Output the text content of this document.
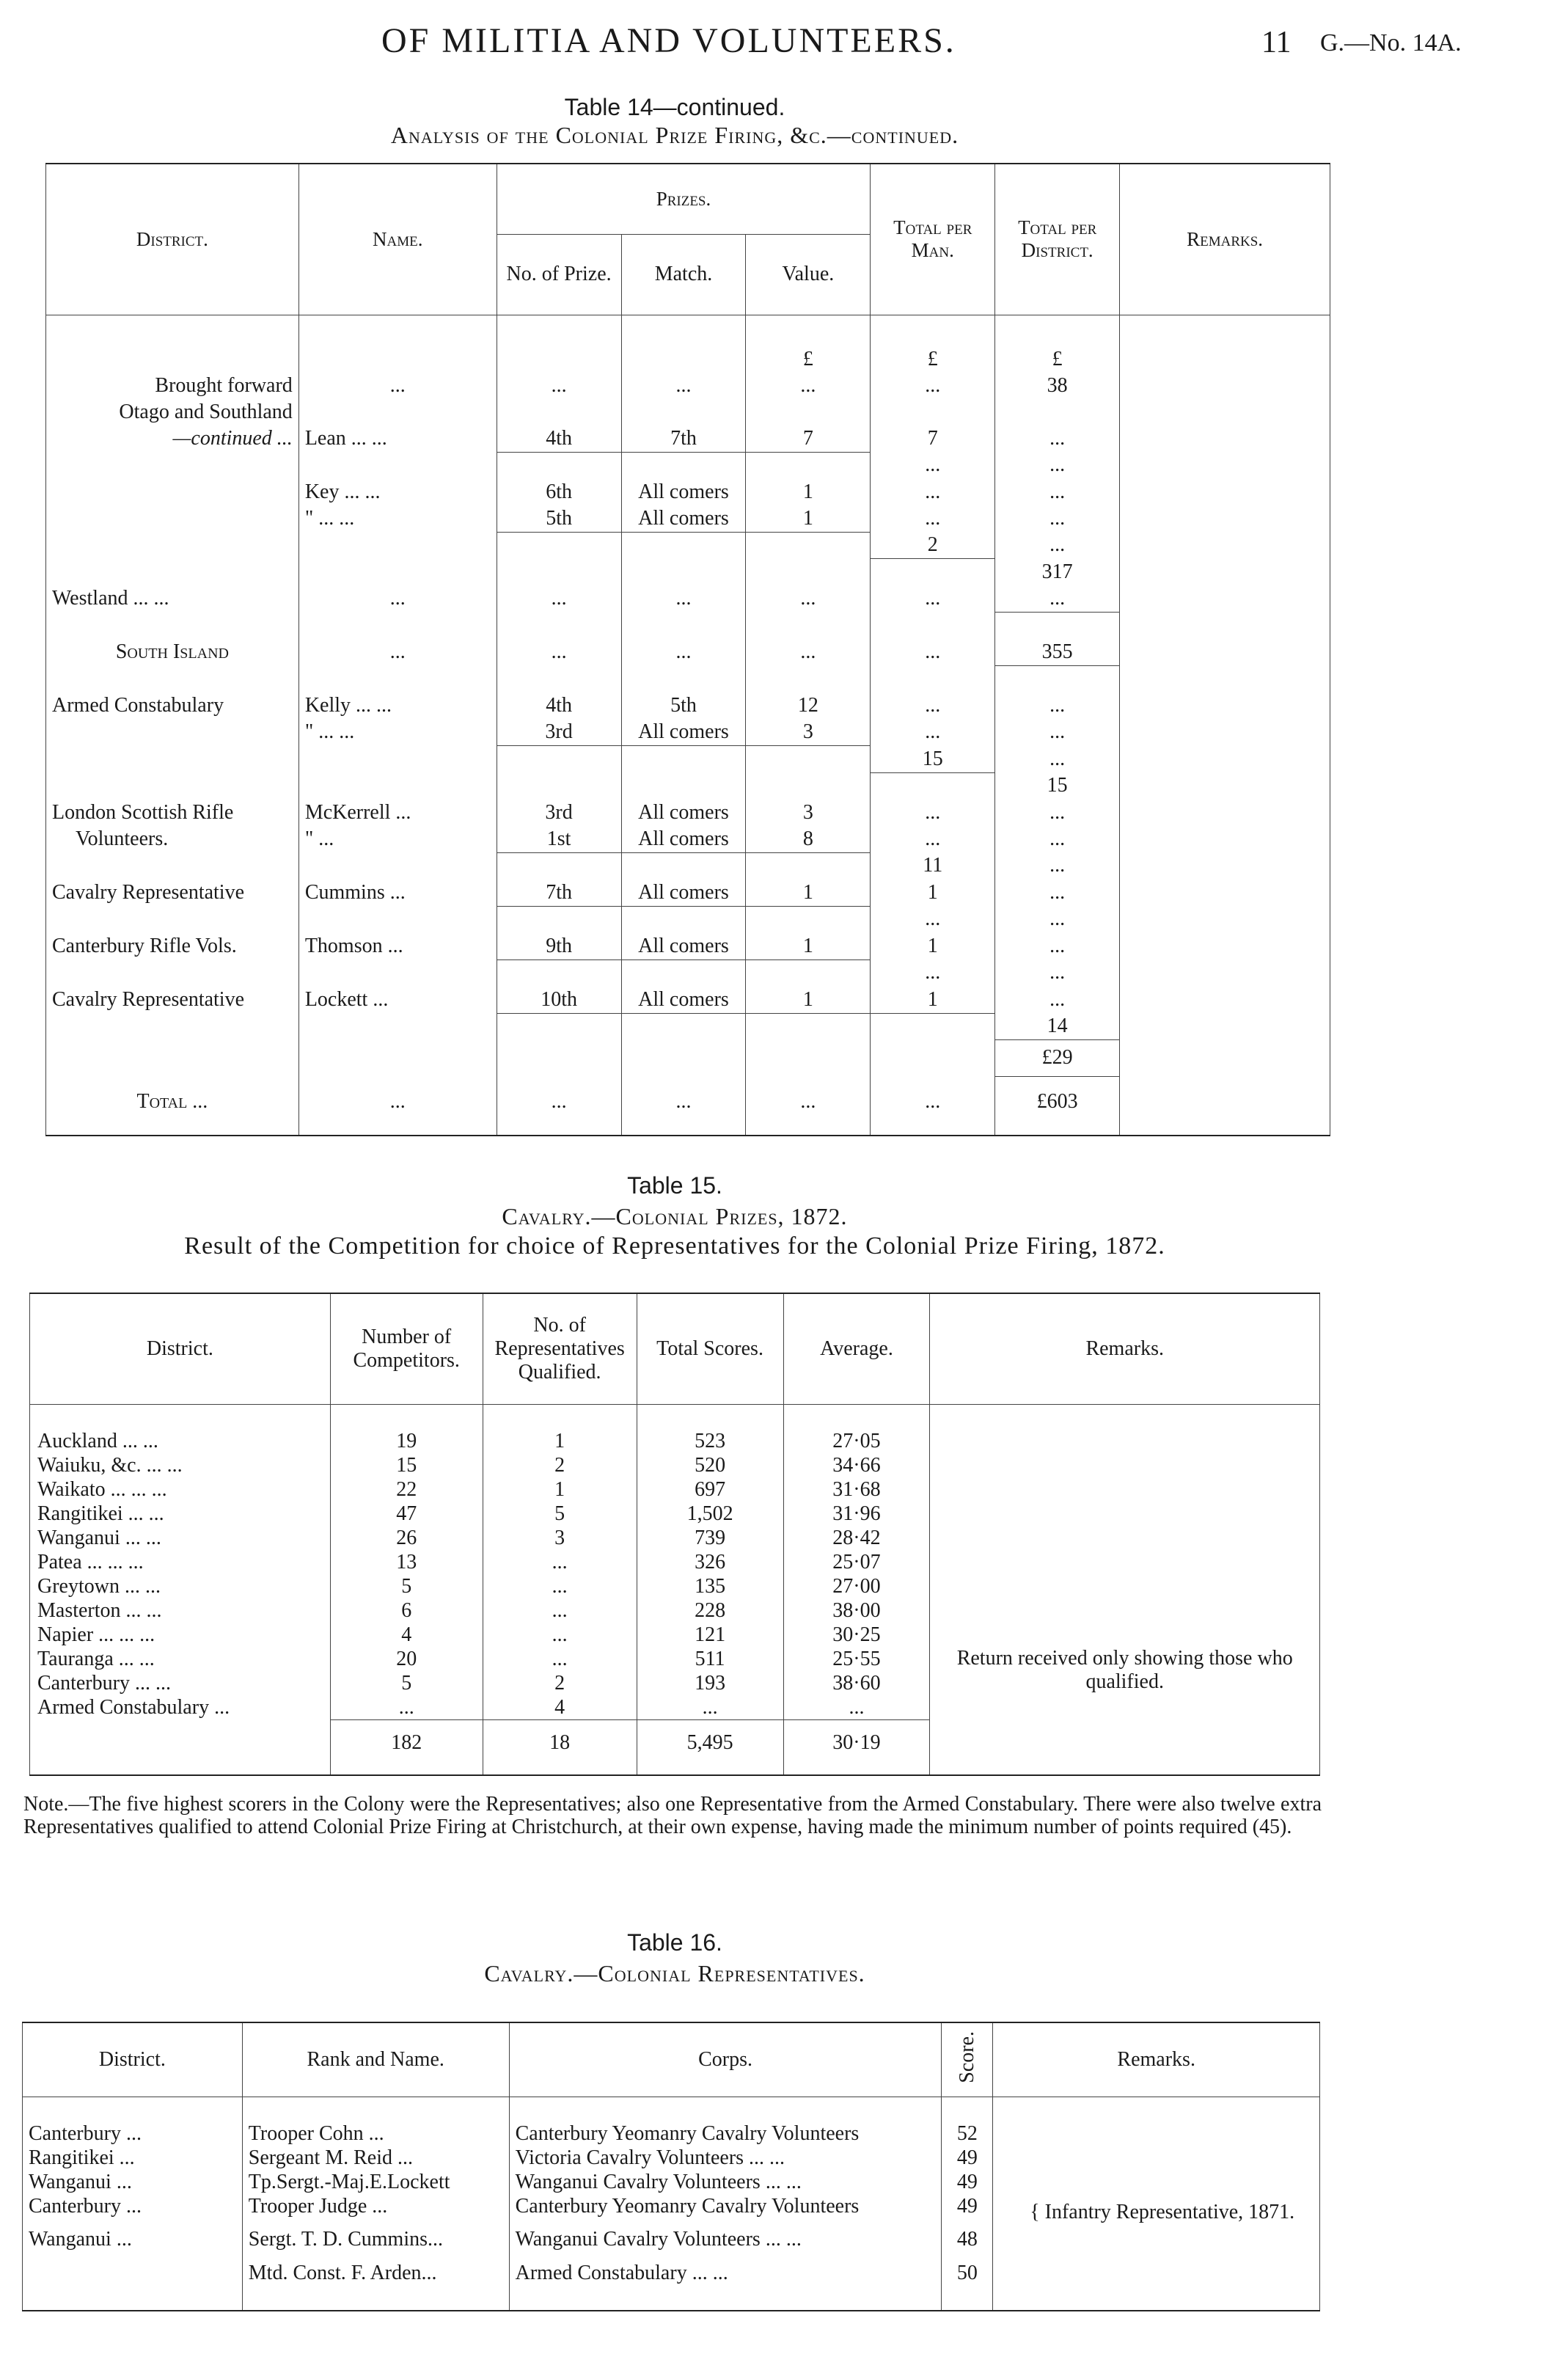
OF MILITIA AND VOLUNTEERS.	11 G.—No. 14A.
Table 14—continued.
Analysis of the Colonial Prize Firing, &c.—continued.
District.	Name.	Prizes.			Total per Man.	Total per District.	Remarks.
		No. of Prize.	Match.	Value.			

				£	£	£	
Brought forward	...	...	...	...	...	38	
Otago and Southland							
—continued ...	Lean ... ...	4th	7th	7	7	...	
					...	...	
	Key ... ...	6th	All comers	1	...	...	
	" ... ...	5th	All comers	1	...	...	
					2	...	
						317	
Westland ... ...	...	...	...	...	...	...	

South Island	...	...	...	...	...	355	

Armed Constabulary	Kelly ... ...	4th	5th	12	...	...	
	" ... ...	3rd	All comers	3	...	...	
					15	...	
						15	
London Scottish Rifle	McKerrell ...	3rd	All comers	3	...	...	
Volunteers.	" ...	1st	All comers	8	...	...	
					11	...	
Cavalry Representative	Cummins ...	7th	All comers	1	1	...	
					...	...	
Canterbury Rifle Vols.	Thomson ...	9th	All comers	1	1	...	
					...	...	
Cavalry Representative	Lockett ...	10th	All comers	1	1	...	
						14	
						£29	
Total ...	...	...	...	...	...	£603	
Table 15.
Cavalry.—Colonial Prizes, 1872.
Result of the Competition for choice of Representatives for the Colonial Prize Firing, 1872.
District.	Number of Competitors.	No. of Representatives Qualified.	Total Scores.	Average.	Remarks.
					Return received only showing those who qualified.
Auckland ... ...	19	1	523	27·05	
Waiuku, &c. ... ...	15	2	520	34·66	
Waikato ... ... ...	22	1	697	31·68	
Rangitikei ... ...	47	5	1,502	31·96	
Wanganui ... ...	26	3	739	28·42	
Patea ... ... ...	13	...	326	25·07	
Greytown ... ...	5	...	135	27·00	
Masterton ... ...	6	...	228	38·00	
Napier ... ... ...	4	...	121	30·25	
Tauranga ... ...	20	...	511	25·55	
Canterbury ... ...	5	2	193	38·60	
Armed Constabulary ...	...	4	...	...	
	182	18	5,495	30·19	
Note.—The five highest scorers in the Colony were the Representatives; also one Representative from the Armed Constabulary. There were also twelve extra Representatives qualified to attend Colonial Prize Firing at Christchurch, at their own expense, having made the minimum number of points required (45).
Table 16.
Cavalry.—Colonial Representatives.
District.	Rank and Name.	Corps.	Score.	Remarks.
				{ Infantry Representative, 1871.
Canterbury ...	Trooper Cohn ...	Canterbury Yeomanry Cavalry Volunteers	52	
Rangitikei ...	Sergeant M. Reid ...	Victoria Cavalry Volunteers ... ...	49	
Wanganui ...	Tp.Sergt.-Maj.E.Lockett	Wanganui Cavalry Volunteers ... ...	49	
Canterbury ...	Trooper Judge ...	Canterbury Yeomanry Cavalry Volunteers	49	
Wanganui ...	Sergt. T. D. Cummins...	Wanganui Cavalry Volunteers ... ...	48	
	Mtd. Const. F. Arden...	Armed Constabulary ... ...	50	
